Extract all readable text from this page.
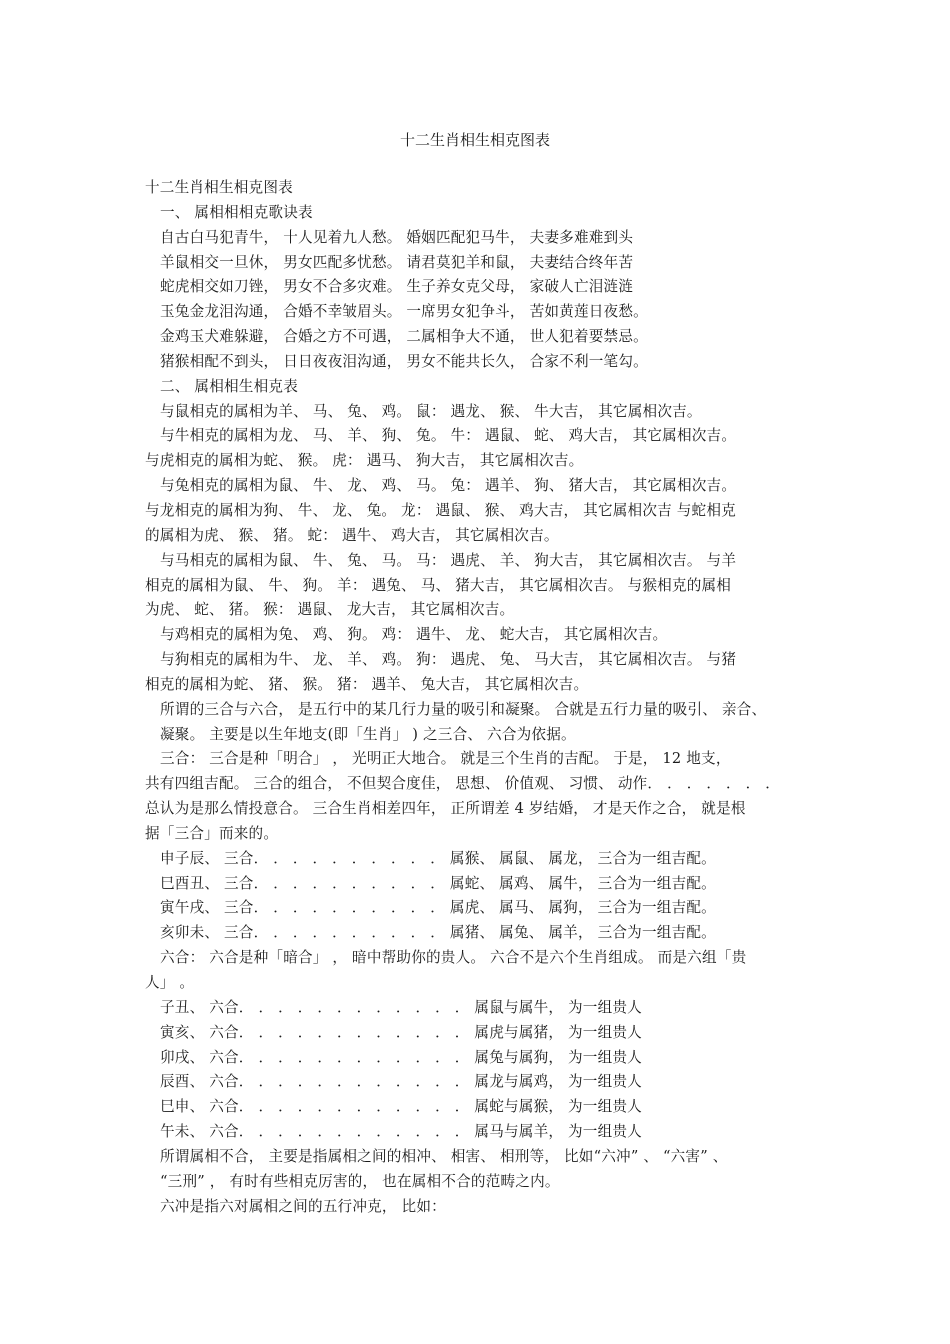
十二生肖相生相克图表
十二生肖相生相克图表
一、 属相相相克歌诀表
自古白马犯青牛， 十人见着九人愁。 婚姻匹配犯马牛， 夫妻多难难到头
羊鼠相交一旦休， 男女匹配多忧愁。 请君莫犯羊和鼠， 夫妻结合终年苦
蛇虎相交如刀锉， 男女不合多灾难。 生子养女克父母， 家破人亡泪涟涟
玉兔金龙泪沟通， 合婚不幸皱眉头。 一席男女犯争斗， 苦如黄莲日夜愁。
金鸡玉犬难躲避， 合婚之方不可遇， 二属相争大不通， 世人犯着要禁忌。
猪猴相配不到头， 日日夜夜泪沟通， 男女不能共长久， 合家不利一笔勾。
二、 属相相生相克表
与鼠相克的属相为羊、 马、 兔、 鸡。 鼠： 遇龙、 猴、 牛大吉， 其它属相次吉。
与牛相克的属相为龙、 马、 羊、 狗、 兔。 牛： 遇鼠、 蛇、 鸡大吉， 其它属相次吉。
与虎相克的属相为蛇、 猴。 虎： 遇马、 狗大吉， 其它属相次吉。
与兔相克的属相为鼠、 牛、 龙、 鸡、 马。 兔： 遇羊、 狗、 猪大吉， 其它属相次吉。
与龙相克的属相为狗、 牛、 龙、 兔。 龙： 遇鼠、 猴、 鸡大吉， 其它属相次吉 与蛇相克
的属相为虎、 猴、 猪。 蛇： 遇牛、 鸡大吉， 其它属相次吉。
与马相克的属相为鼠、 牛、 兔、 马。 马： 遇虎、 羊、 狗大吉， 其它属相次吉。 与羊
相克的属相为鼠、 牛、 狗。 羊： 遇兔、 马、 猪大吉， 其它属相次吉。 与猴相克的属相
为虎、 蛇、 猪。 猴： 遇鼠、 龙大吉， 其它属相次吉。
与鸡相克的属相为兔、 鸡、 狗。 鸡： 遇牛、 龙、 蛇大吉， 其它属相次吉。
与狗相克的属相为牛、 龙、 羊、 鸡。 狗： 遇虎、 兔、 马大吉， 其它属相次吉。 与猪
相克的属相为蛇、 猪、 猴。 猪： 遇羊、 兔大吉， 其它属相次吉。
所谓的三合与六合， 是五行中的某几行力量的吸引和凝聚。 合就是五行力量的吸引、 亲合、
凝聚。 主要是以生年地支(即「生肖」 ) 之三合、 六合为依据。
三合： 三合是种「明合」 ， 光明正大地合。 就是三个生肖的吉配。 于是， 12 地支，
共有四组吉配。 三合的组合， 不但契合度佳， 思想、 价值观、 习惯、 动作． ． ． ． ． ． ．
总认为是那么情投意合。 三合生肖相差四年， 正所谓差 4 岁结婚， 才是天作之合， 就是根
据「三合」而来的。
申子辰、 三合． ． ． ． ． ． ． ． ． ． 属猴、 属鼠、 属龙， 三合为一组吉配。
巳酉丑、 三合． ． ． ． ． ． ． ． ． ． 属蛇、 属鸡、 属牛， 三合为一组吉配。
寅午戌、 三合． ． ． ． ． ． ． ． ． ． 属虎、 属马、 属狗， 三合为一组吉配。
亥卯未、 三合． ． ． ． ． ． ． ． ． ． 属猪、 属兔、 属羊， 三合为一组吉配。
六合： 六合是种「暗合」 ， 暗中帮助你的贵人。 六合不是六个生肖组成。 而是六组「贵
人」 。
子丑、 六合． ． ． ． ． ． ． ． ． ． ． ． 属鼠与属牛， 为一组贵人
寅亥、 六合． ． ． ． ． ． ． ． ． ． ． ． 属虎与属猪， 为一组贵人
卯戌、 六合． ． ． ． ． ． ． ． ． ． ． ． 属兔与属狗， 为一组贵人
辰酉、 六合． ． ． ． ． ． ． ． ． ． ． ． 属龙与属鸡， 为一组贵人
巳申、 六合． ． ． ． ． ． ． ． ． ． ． ． 属蛇与属猴， 为一组贵人
午未、 六合． ． ． ． ． ． ． ． ． ． ． ． 属马与属羊， 为一组贵人
所谓属相不合， 主要是指属相之间的相冲、 相害、 相刑等， 比如“六冲” 、 “六害” 、
“三刑” ， 有时有些相克厉害的， 也在属相不合的范畴之内。
六冲是指六对属相之间的五行冲克， 比如：
